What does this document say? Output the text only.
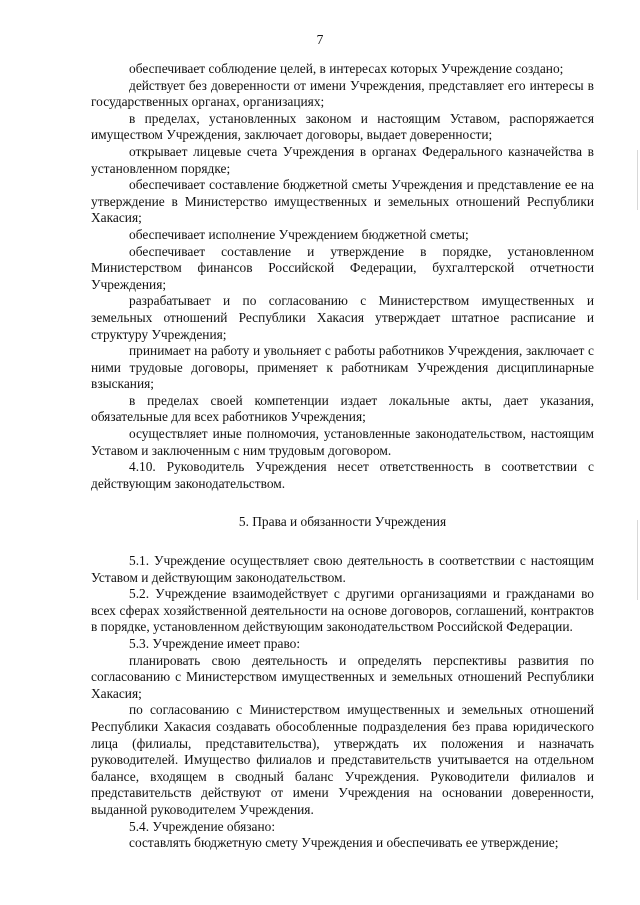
7

обеспечивает соблюдение целей, в интересах которых Учреждение создано;

действует без доверенности от имени Учреждения, представляет его интересы в государственных органах, организациях;

в пределах, установленных законом и настоящим Уставом, распоряжается имуществом Учреждения, заключает договоры, выдает доверенности;

открывает лицевые счета Учреждения в органах Федерального казначейства в установленном порядке;

обеспечивает составление бюджетной сметы Учреждения и представление ее на утверждение в Министерство имущественных и земельных отношений Республики Хакасия;

обеспечивает исполнение Учреждением бюджетной сметы;

обеспечивает составление и утверждение в порядке, установленном Министерством финансов Российской Федерации, бухгалтерской отчетности Учреждения;

разрабатывает и по согласованию с Министерством имущественных и земельных отношений Республики Хакасия утверждает штатное расписание и структуру Учреждения;

принимает на работу и увольняет с работы работников Учреждения, заключает с ними трудовые договоры, применяет к работникам Учреждения дисциплинарные взыскания;

в пределах своей компетенции издает локальные акты, дает указания, обязательные для всех работников Учреждения;

осуществляет иные полномочия, установленные законодательством, настоящим Уставом и заключенным с ним трудовым договором.

4.10. Руководитель Учреждения несет ответственность в соответствии с действующим законодательством.

5. Права и обязанности Учреждения

5.1. Учреждение осуществляет свою деятельность в соответствии с настоящим Уставом и действующим законодательством.

5.2. Учреждение взаимодействует с другими организациями и гражданами во всех сферах хозяйственной деятельности на основе договоров, соглашений, контрактов в порядке, установленном действующим законодательством Российской Федерации.

5.3. Учреждение имеет право:

планировать свою деятельность и определять перспективы развития по согласованию с Министерством имущественных и земельных отношений Республики Хакасия;

по согласованию с Министерством имущественных и земельных отношений Республики Хакасия создавать обособленные подразделения без права юридического лица (филиалы, представительства), утверждать их положения и назначать руководителей. Имущество филиалов и представительств учитывается на отдельном балансе, входящем в сводный баланс Учреждения. Руководители филиалов и представительств действуют от имени Учреждения на основании доверенности, выданной руководителем Учреждения.

5.4. Учреждение обязано:

составлять бюджетную смету Учреждения и обеспечивать ее утверждение;
